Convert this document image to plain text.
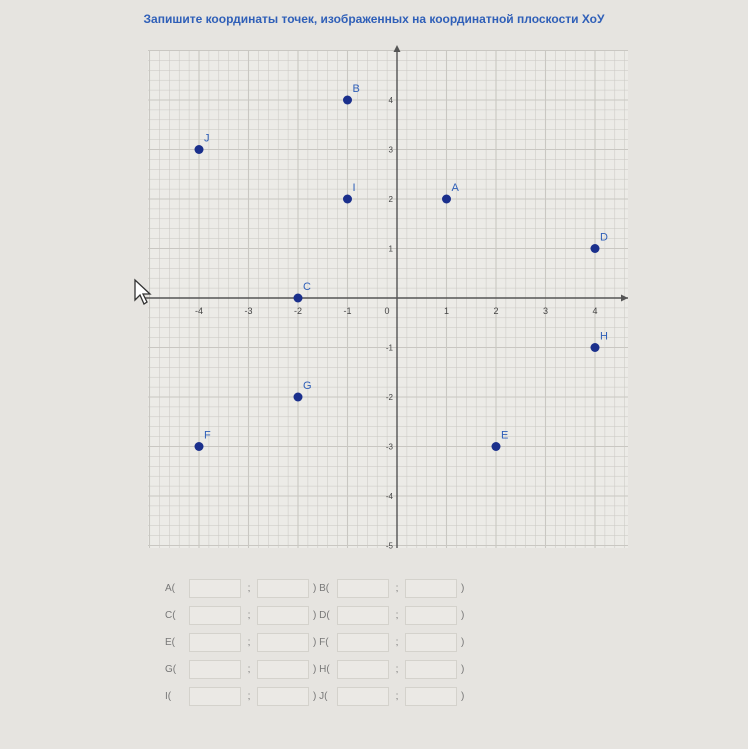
Запишите координаты точек, изображенных на координатной плоскости ХоУ
-4	-3	-2	-1	0	1	2	3	4
4
3
2
1
-1
-2
-3
-4
-5
A
B
C
D
E
F
G
H
I
J
A(	;	) B(	;	)
C(	;	) D(	;	)
E(	;	) F(	;	)
G(	;	) H(	;	)
I(	;	) J(	;	)
